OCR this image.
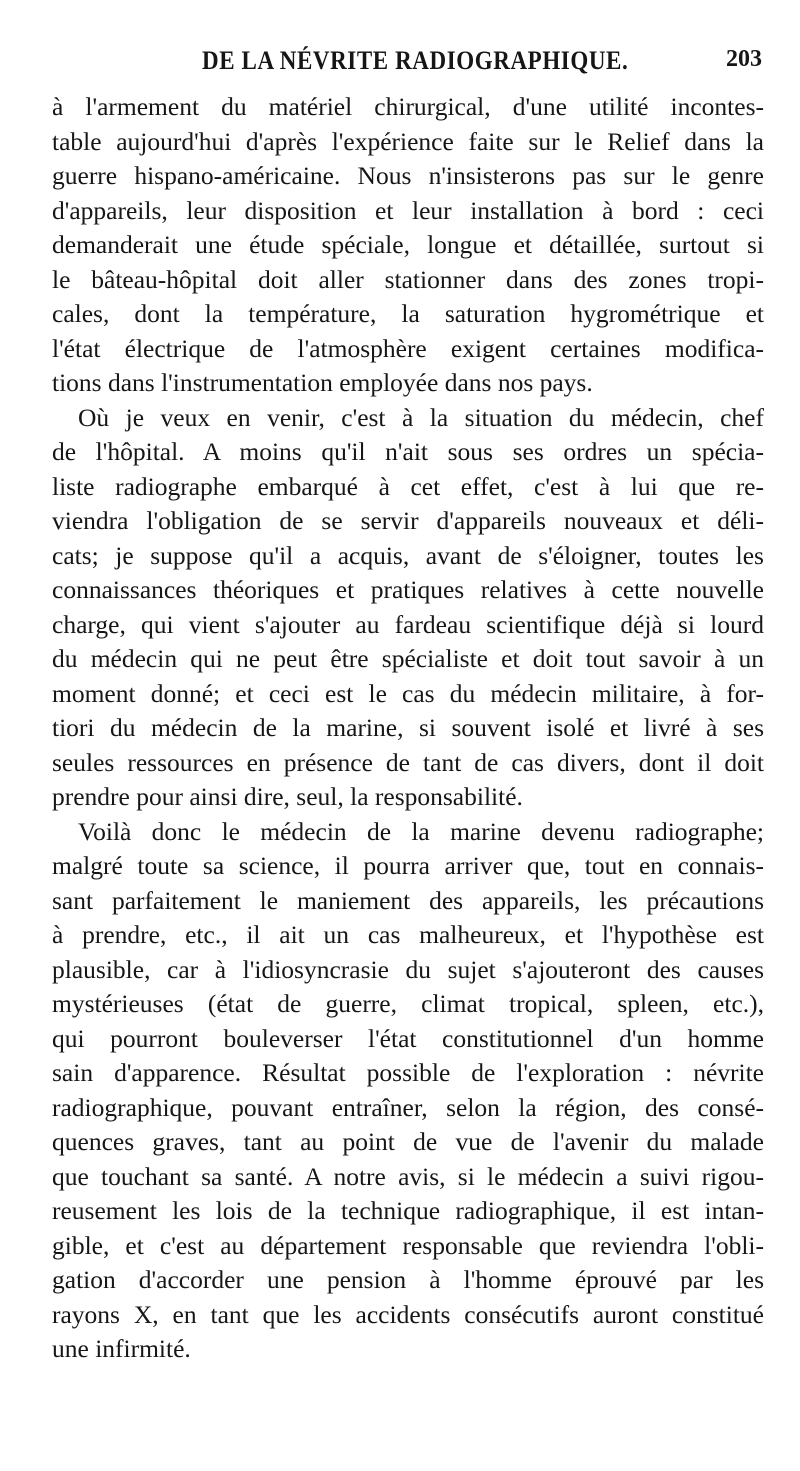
DE LA NÉVRITE RADIOGRAPHIQUE.	203
à l'armement du matériel chirurgical, d'une utilité incontes-
table aujourd'hui d'après l'expérience faite sur le Relief dans la
guerre hispano-américaine. Nous n'insisterons pas sur le genre
d'appareils, leur disposition et leur installation à bord : ceci
demanderait une étude spéciale, longue et détaillée, surtout si
le bâteau-hôpital doit aller stationner dans des zones tropi-
cales, dont la température, la saturation hygrométrique et
l'état électrique de l'atmosphère exigent certaines modifica-
tions dans l'instrumentation employée dans nos pays.
Où je veux en venir, c'est à la situation du médecin, chef
de l'hôpital. A moins qu'il n'ait sous ses ordres un spécia-
liste radiographe embarqué à cet effet, c'est à lui que re-
viendra l'obligation de se servir d'appareils nouveaux et déli-
cats; je suppose qu'il a acquis, avant de s'éloigner, toutes les
connaissances théoriques et pratiques relatives à cette nouvelle
charge, qui vient s'ajouter au fardeau scientifique déjà si lourd
du médecin qui ne peut être spécialiste et doit tout savoir à un
moment donné; et ceci est le cas du médecin militaire, à for-
tiori du médecin de la marine, si souvent isolé et livré à ses
seules ressources en présence de tant de cas divers, dont il doit
prendre pour ainsi dire, seul, la responsabilité.
Voilà donc le médecin de la marine devenu radiographe;
malgré toute sa science, il pourra arriver que, tout en connais-
sant parfaitement le maniement des appareils, les précautions
à prendre, etc., il ait un cas malheureux, et l'hypothèse est
plausible, car à l'idiosyncrasie du sujet s'ajouteront des causes
mystérieuses (état de guerre, climat tropical, spleen, etc.),
qui pourront bouleverser l'état constitutionnel d'un homme
sain d'apparence. Résultat possible de l'exploration : névrite
radiographique, pouvant entraîner, selon la région, des consé-
quences graves, tant au point de vue de l'avenir du malade
que touchant sa santé. A notre avis, si le médecin a suivi rigou-
reusement les lois de la technique radiographique, il est intan-
gible, et c'est au département responsable que reviendra l'obli-
gation d'accorder une pension à l'homme éprouvé par les
rayons X, en tant que les accidents consécutifs auront constitué
une infirmité.
